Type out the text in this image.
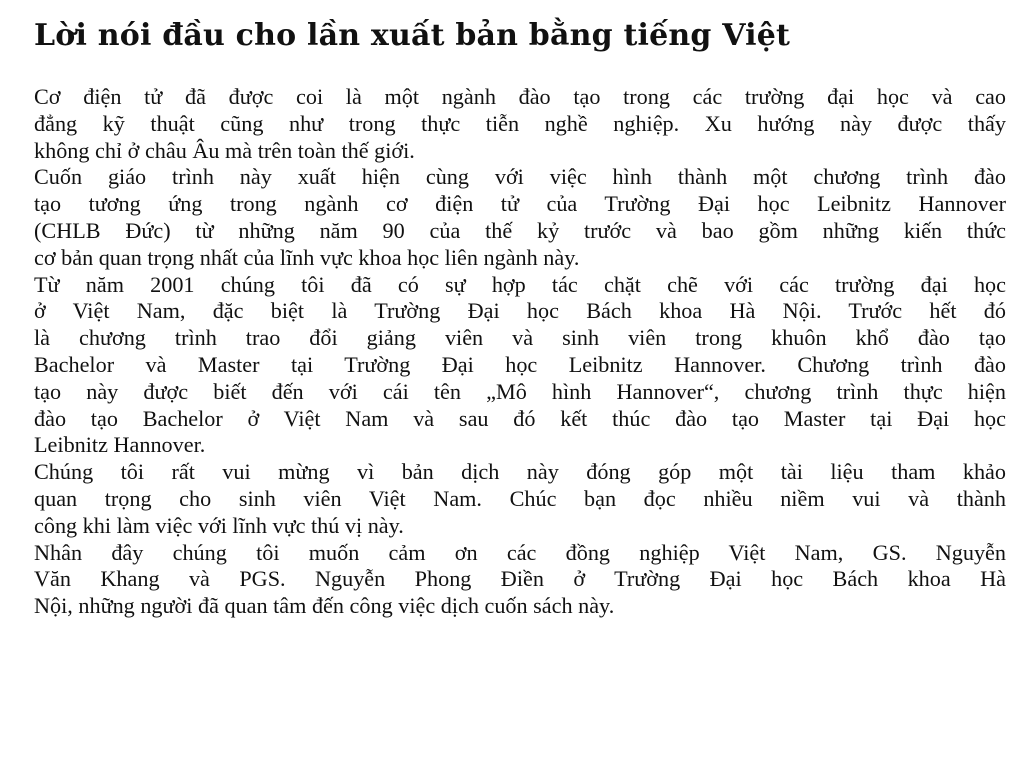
Lời nói đầu cho lần xuất bản bằng tiếng Việt

Cơ điện tử đã được coi là một ngành đào tạo trong các trường đại học và cao
đẳng kỹ thuật cũng như trong thực tiễn nghề nghiệp. Xu hướng này được thấy
không chỉ ở châu Âu mà trên toàn thế giới.

Cuốn giáo trình này xuất hiện cùng với việc hình thành một chương trình đào
tạo tương ứng trong ngành cơ điện tử của Trường Đại học Leibnitz Hannover
(CHLB Đức) từ những năm 90 của thế kỷ trước và bao gồm những kiến thức
cơ bản quan trọng nhất của lĩnh vực khoa học liên ngành này.

Từ năm 2001 chúng tôi đã có sự hợp tác chặt chẽ với các trường đại học
ở Việt Nam, đặc biệt là Trường Đại học Bách khoa Hà Nội. Trước hết đó
là chương trình trao đổi giảng viên và sinh viên trong khuôn khổ đào tạo
Bachelor và Master tại Trường Đại học Leibnitz Hannover. Chương trình đào
tạo này được biết đến với cái tên „Mô hình Hannover“, chương trình thực hiện
đào tạo Bachelor ở Việt Nam và sau đó kết thúc đào tạo Master tại Đại học
Leibnitz Hannover.

Chúng tôi rất vui mừng vì bản dịch này đóng góp một tài liệu tham khảo
quan trọng cho sinh viên Việt Nam. Chúc bạn đọc nhiều niềm vui và thành
công khi làm việc với lĩnh vực thú vị này.

Nhân đây chúng tôi muốn cảm ơn các đồng nghiệp Việt Nam, GS. Nguyễn
Văn Khang và PGS. Nguyễn Phong Điền ở Trường Đại học Bách khoa Hà
Nội, những người đã quan tâm đến công việc dịch cuốn sách này.
